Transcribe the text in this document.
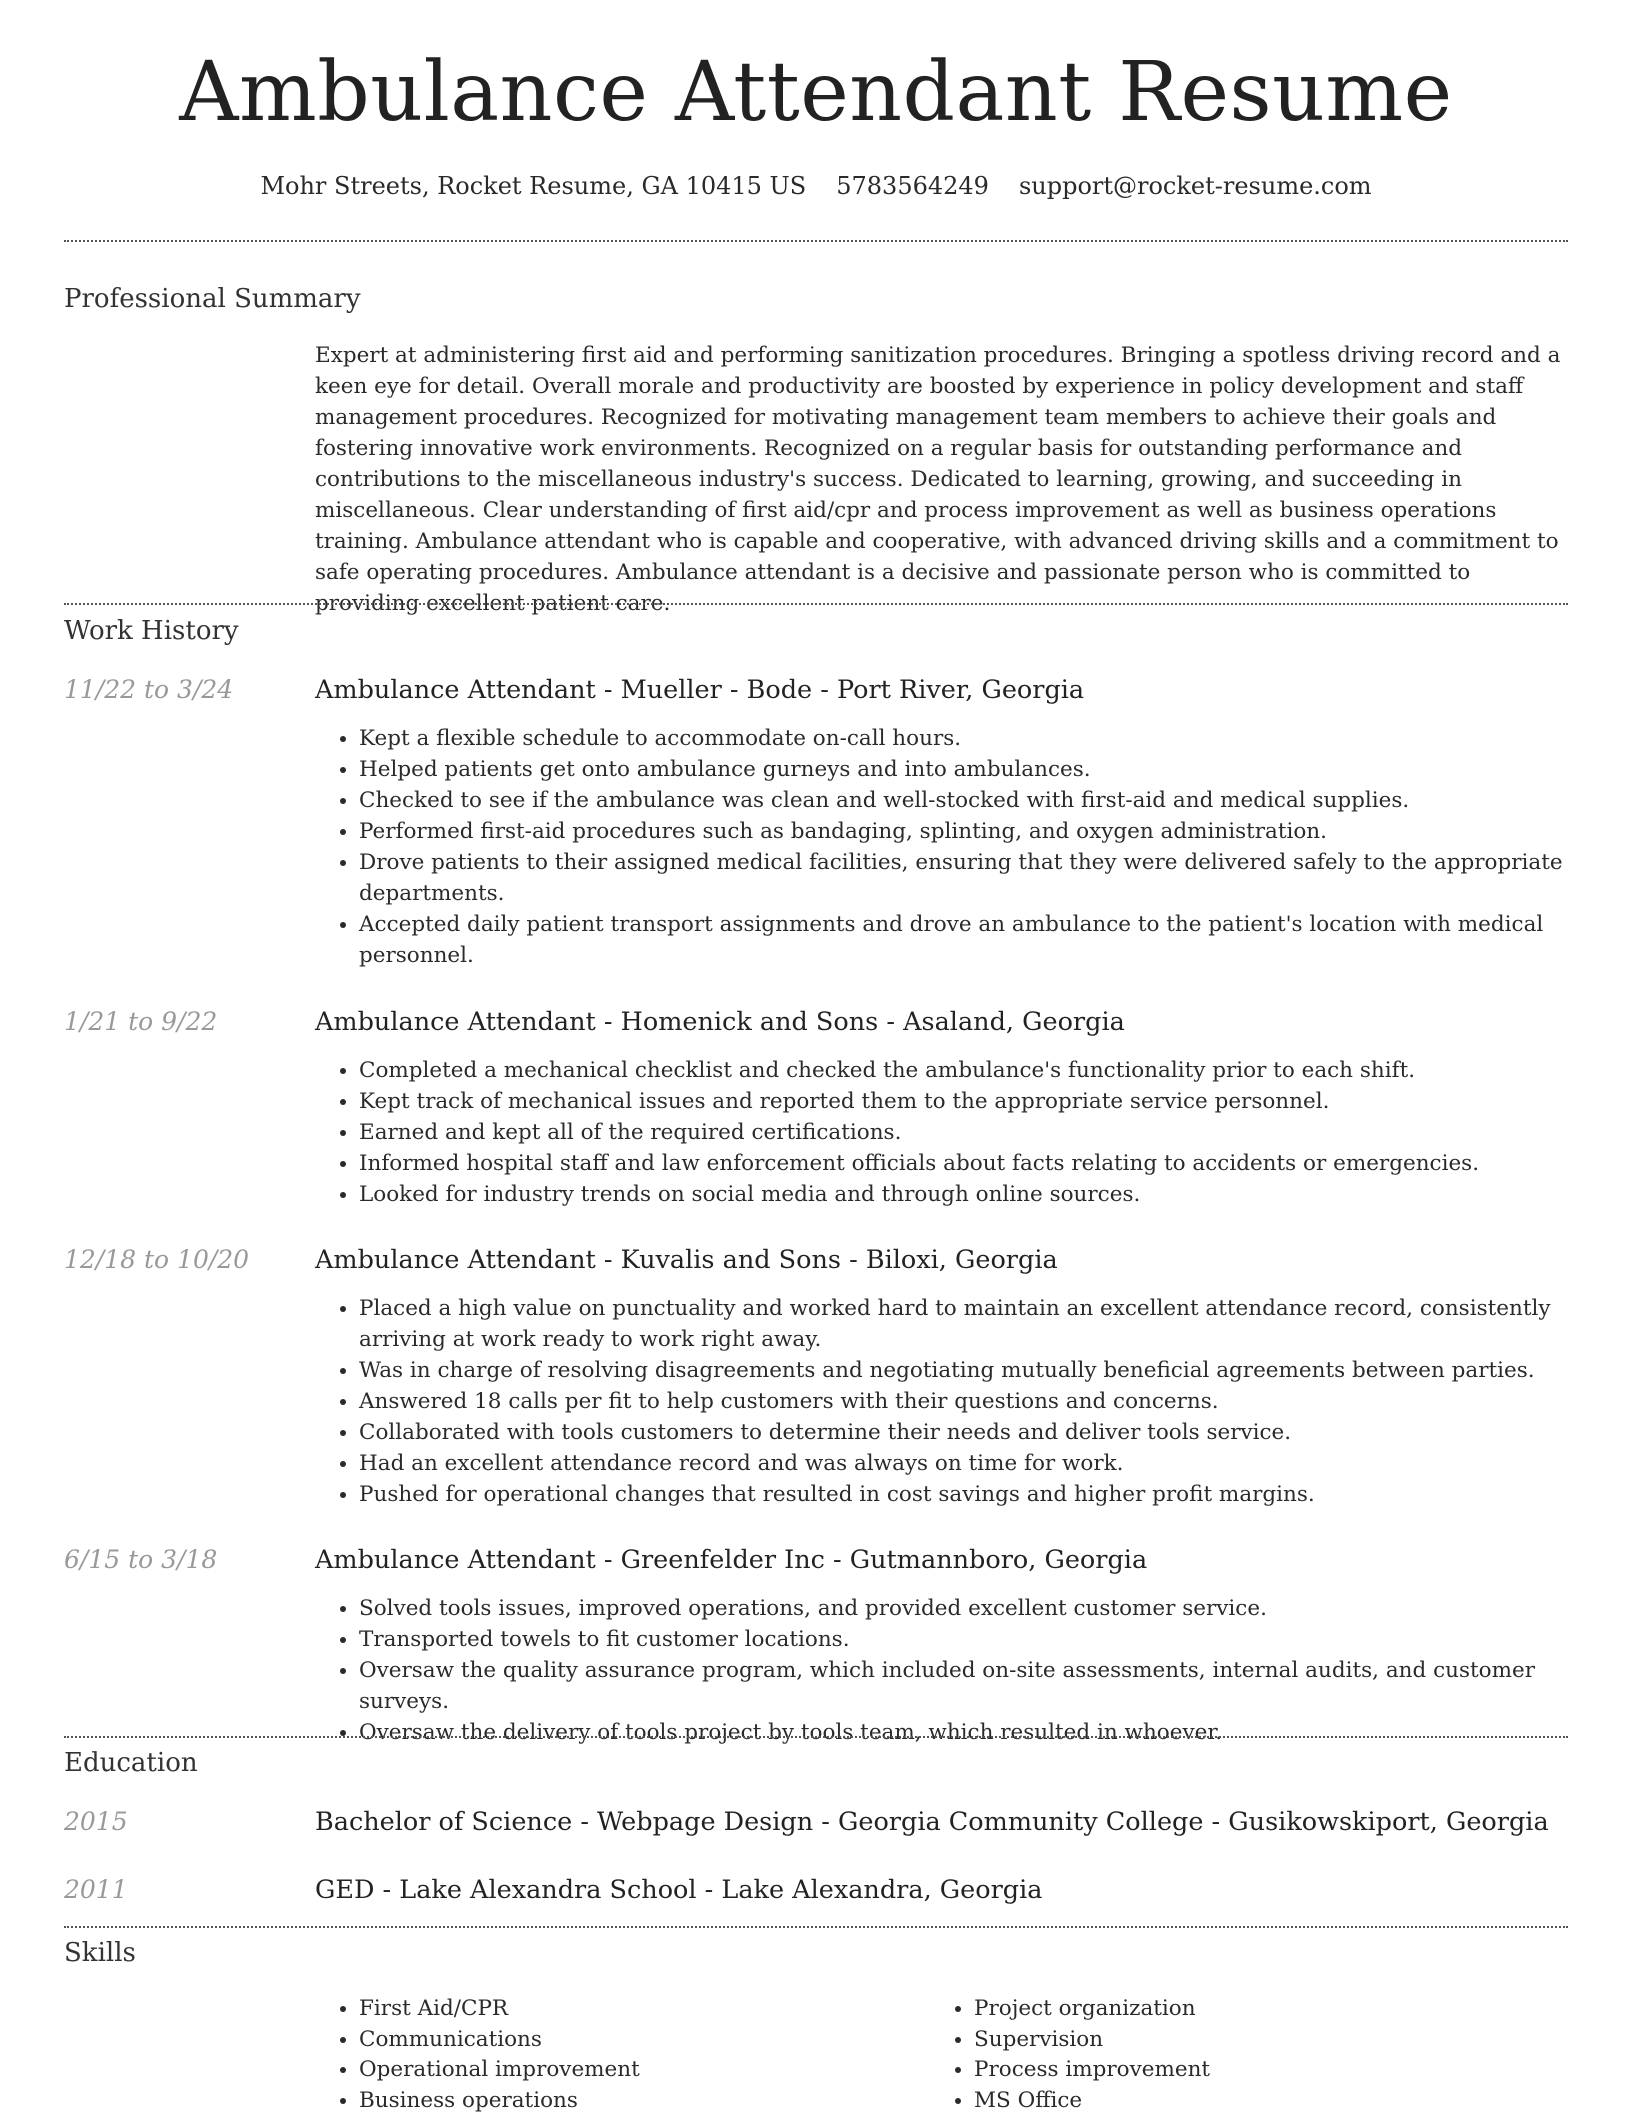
Ambulance Attendant Resume
Mohr Streets, Rocket Resume, GA 10415 US 5783564249 support@rocket-resume.com
Professional Summary

Expert at administering first aid and performing sanitization procedures. Bringing a spotless driving record and a keen eye for detail. Overall morale and productivity are boosted by experience in policy development and staff management procedures. Recognized for motivating management team members to achieve their goals and fostering innovative work environments. Recognized on a regular basis for outstanding performance and contributions to the miscellaneous industry's success. Dedicated to learning, growing, and succeeding in miscellaneous. Clear understanding of first aid/cpr and process improvement as well as business operations training. Ambulance attendant who is capable and cooperative, with advanced driving skills and a commitment to safe operating procedures. Ambulance attendant is a decisive and passionate person who is committed to providing excellent patient care.

Work History
11/22 to 3/24	Ambulance Attendant - Mueller - Bode - Port River, Georgia
• Kept a flexible schedule to accommodate on-call hours.
• Helped patients get onto ambulance gurneys and into ambulances.
• Checked to see if the ambulance was clean and well-stocked with first-aid and medical supplies.
• Performed first-aid procedures such as bandaging, splinting, and oxygen administration.
• Drove patients to their assigned medical facilities, ensuring that they were delivered safely to the appropriate departments.
• Accepted daily patient transport assignments and drove an ambulance to the patient's location with medical personnel.
1/21 to 9/22	Ambulance Attendant - Homenick and Sons - Asaland, Georgia
• Completed a mechanical checklist and checked the ambulance's functionality prior to each shift.
• Kept track of mechanical issues and reported them to the appropriate service personnel.
• Earned and kept all of the required certifications.
• Informed hospital staff and law enforcement officials about facts relating to accidents or emergencies.
• Looked for industry trends on social media and through online sources.
12/18 to 10/20	Ambulance Attendant - Kuvalis and Sons - Biloxi, Georgia
• Placed a high value on punctuality and worked hard to maintain an excellent attendance record, consistently arriving at work ready to work right away.
• Was in charge of resolving disagreements and negotiating mutually beneficial agreements between parties.
• Answered 18 calls per fit to help customers with their questions and concerns.
• Collaborated with tools customers to determine their needs and deliver tools service.
• Had an excellent attendance record and was always on time for work.
• Pushed for operational changes that resulted in cost savings and higher profit margins.
6/15 to 3/18	Ambulance Attendant - Greenfelder Inc - Gutmannboro, Georgia
• Solved tools issues, improved operations, and provided excellent customer service.
• Transported towels to fit customer locations.
• Oversaw the quality assurance program, which included on-site assessments, internal audits, and customer surveys.
• Oversaw the delivery of tools project by tools team, which resulted in whoever.
Education
2015	Bachelor of Science - Webpage Design - Georgia Community College - Gusikowskiport, Georgia
2011	GED - Lake Alexandra School - Lake Alexandra, Georgia
Skills
• First Aid/CPR
• Communications
• Operational improvement
• Business operations
• Project organization
• Supervision
• Process improvement
• MS Office
